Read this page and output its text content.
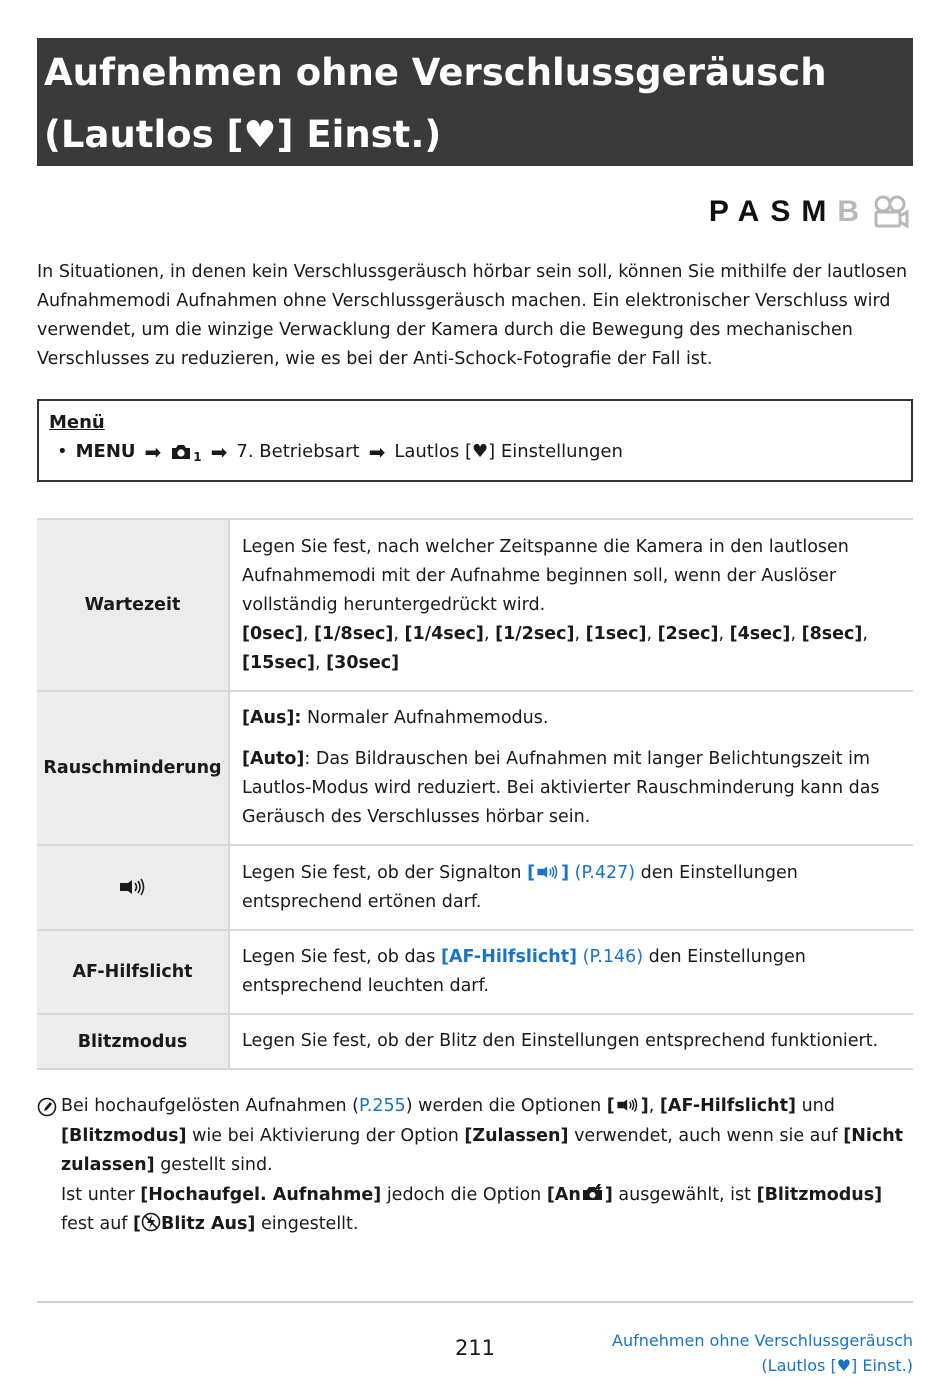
Aufnehmen ohne Verschlussgeräusch
(Lautlos [♥] Einst.)
PASM B
In Situationen, in denen kein Verschlussgeräusch hörbar sein soll, können Sie mithilfe der lautlosen Aufnahmemodi Aufnahmen ohne Verschlussgeräusch machen. Ein elektronischer Verschluss wird verwendet, um die winzige Verwacklung der Kamera durch die Bewegung des mechanischen Verschlusses zu reduzieren, wie es bei der Anti-Schock-Fotografie der Fall ist.
Menü
• MENU ➡	1 ➡ 7. Betriebsart ➡ Lautlos [♥] Einstellungen
Wartezeit	Legen Sie fest, nach welcher Zeitspanne die Kamera in den lautlosen Aufnahmemodi mit der Aufnahme beginnen soll, wenn der Auslöser vollständig heruntergedrückt wird.
[0sec], [1/8sec], [1/4sec], [1/2sec], [1sec], [2sec], [4sec], [8sec], [15sec], [30sec]

Rauschminderung	[Aus]: Normaler Aufnahmemodus.
[Auto]: Das Bildrauschen bei Aufnahmen mit langer Belichtungszeit im Lautlos-Modus wird reduziert. Bei aktivierter Rauschminderung kann das Geräusch des Verschlusses hörbar sein.

	Legen Sie fest, ob der Signalton [ ] (P.427) den Einstellungen entsprechend ertönen darf.
AF-Hilfslicht	Legen Sie fest, ob das [AF-Hilfslicht] (P.146) den Einstellungen entsprechend leuchten darf.
Blitzmodus	Legen Sie fest, ob der Blitz den Einstellungen entsprechend funktioniert.
Bei hochaufgelösten Aufnahmen (P.255) werden die Optionen [ ], [AF-Hilfslicht] und [Blitzmodus] wie bei Aktivierung der Option [Zulassen] verwendet, auch wenn sie auf [Nicht zulassen] gestellt sind.
Ist unter [Hochaufgel. Aufnahme] jedoch die Option [An ] ausgewählt, ist [Blitzmodus] fest auf [ Blitz Aus] eingestellt.
211	Aufnehmen ohne Verschlussgeräusch
(Lautlos [♥] Einst.)
